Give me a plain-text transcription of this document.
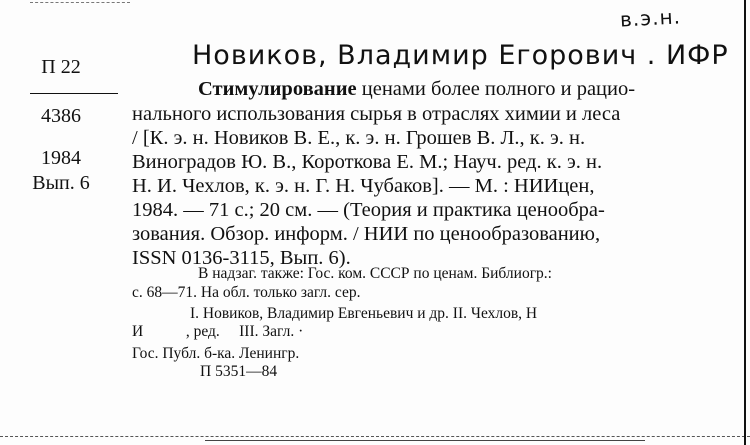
в.э.н.
Новиков, Владимир Егорович . ИФР
П 22
4386
1984
Вып. 6
Стимулирование ценами более полного и рацио-
нального использования сырья в отраслях химии и леса
/ [К. э. н. Новиков В. Е., к. э. н. Грошев В. Л., к. э. н.
Виноградов Ю. В., Короткова Е. М.; Науч. ред. к. э. н.
Н. И. Чехлов, к. э. н. Г. Н. Чубаков]. — М. : НИИцен,
1984. — 71 с.; 20 см. — (Теория и практика ценообра-
зования. Обзор. информ. / НИИ по ценообразованию,
ISSN 0136-3115, Вып. 6).
В надзаг. также: Гос. ком. СССР по ценам. Библиогр.:
с. 68—71. На обл. только загл. сер.
I. Новиков, Владимир Евгеньевич и др. II. Чехлов, Н
И           , ред.     III. Загл. ·
Гос. Публ. б-ка. Ленингр.
П 5351—84
